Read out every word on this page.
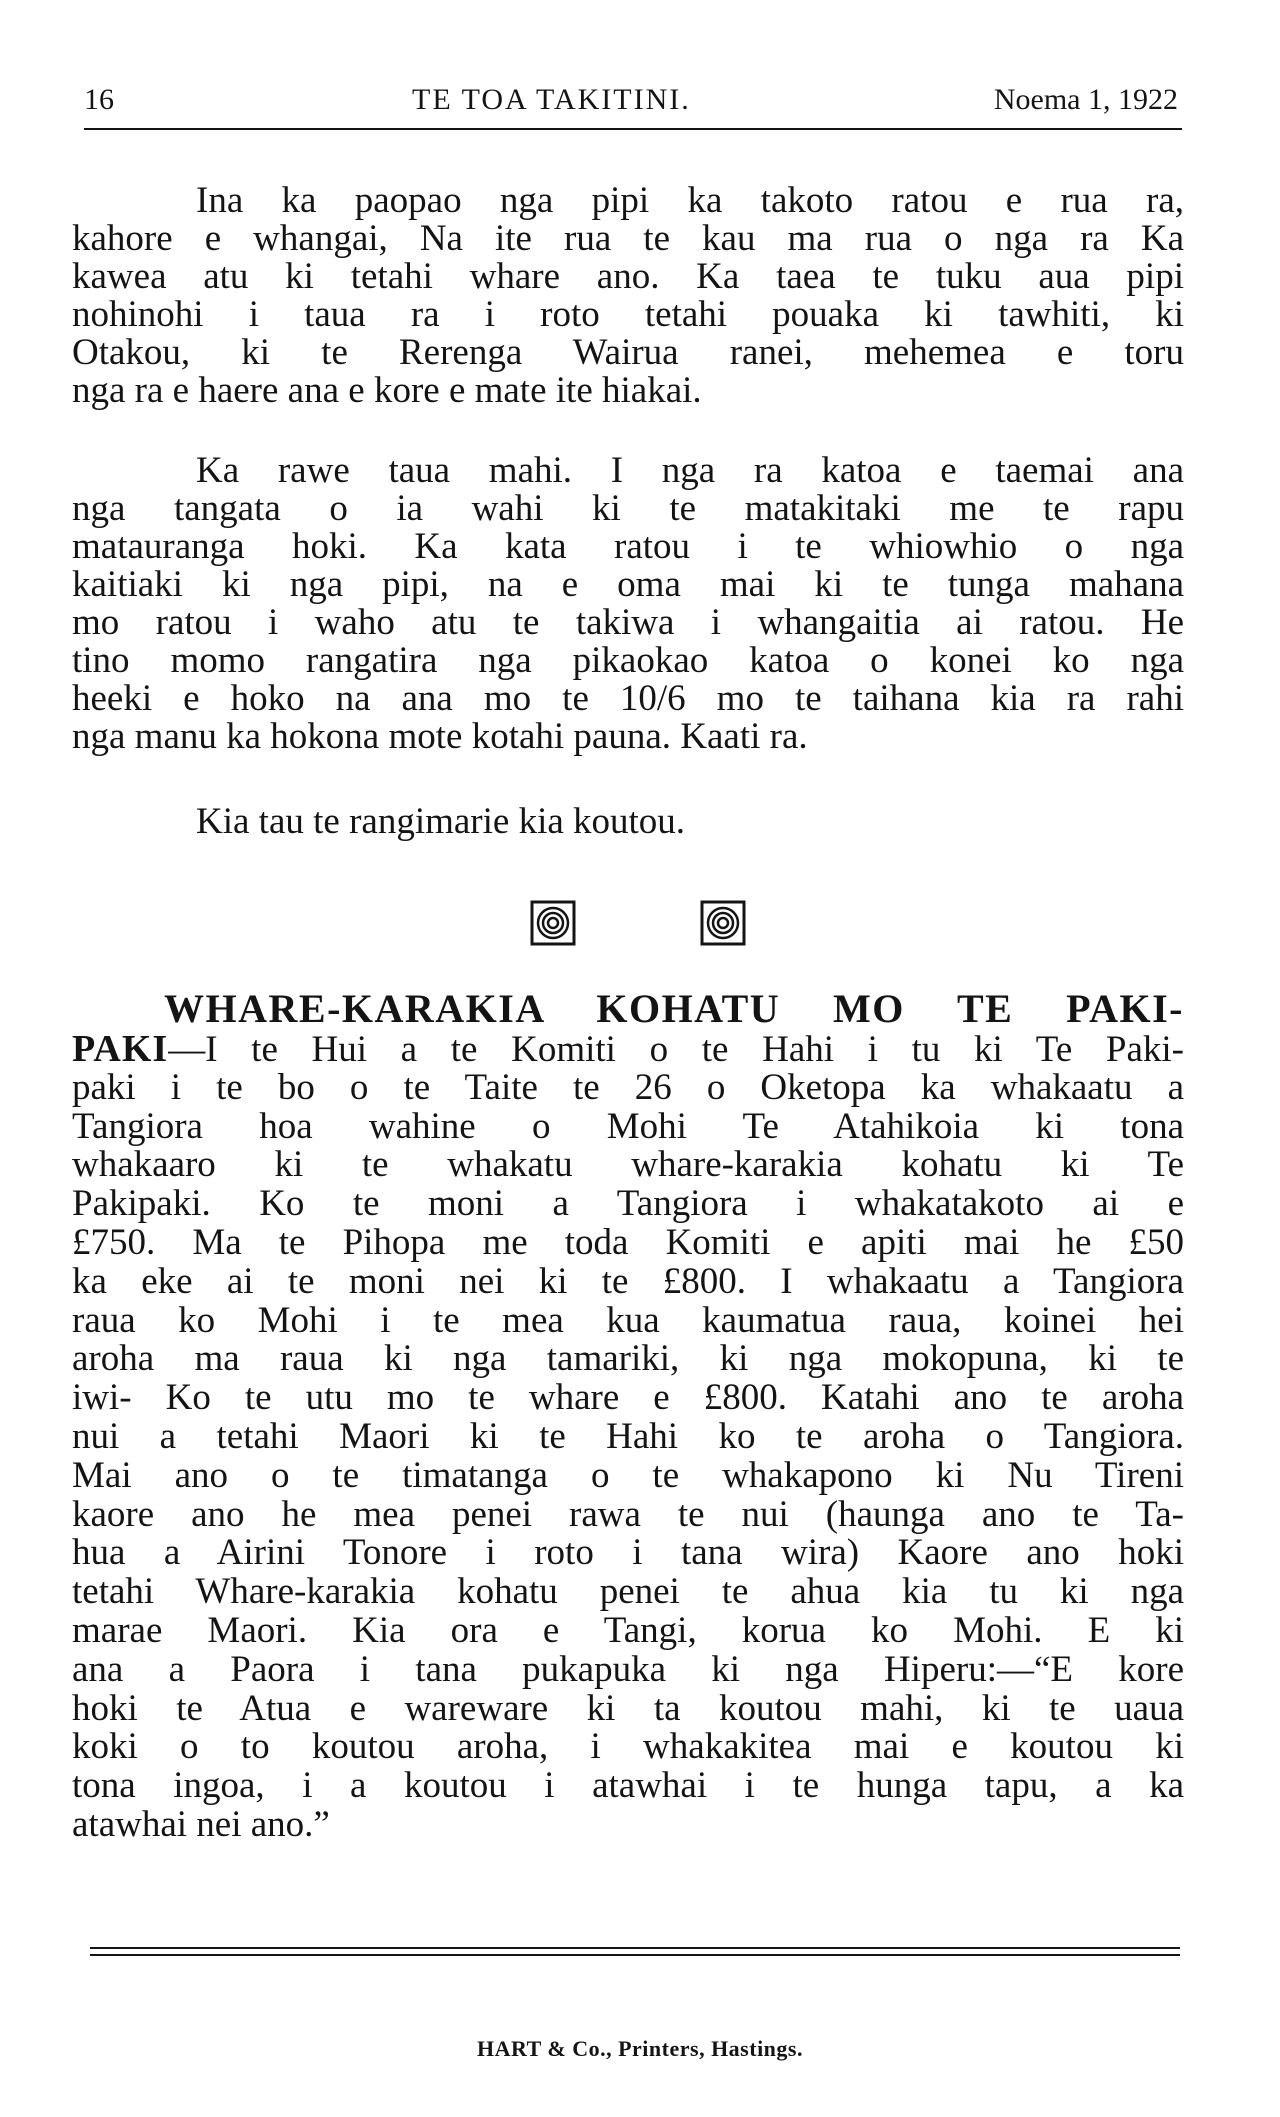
16	TE TOA TAKITINI.	Noema 1, 1922
Ina ka paopao nga pipi ka takoto ratou e rua ra,
kahore e whangai, Na ite rua te kau ma rua o nga ra Ka
kawea atu ki tetahi whare ano. Ka taea te tuku aua pipi
nohinohi i taua ra i roto tetahi pouaka ki tawhiti, ki
Otakou, ki te Rerenga Wairua ranei, mehemea e toru
nga ra e haere ana e kore e mate ite hiakai.
Ka rawe taua mahi. I nga ra katoa e taemai ana
nga tangata o ia wahi ki te matakitaki me te rapu
matauranga hoki. Ka kata ratou i te whiowhio o nga
kaitiaki ki nga pipi, na e oma mai ki te tunga mahana
mo ratou i waho atu te takiwa i whangaitia ai ratou. He
tino momo rangatira nga pikaokao katoa o konei ko nga
heeki e hoko na ana mo te 10/6 mo te taihana kia ra rahi
nga manu ka hokona mote kotahi pauna. Kaati ra.
Kia tau te rangimarie kia koutou.
WHARE-KARAKIA KOHATU MO TE PAKI-
PAKI—I te Hui a te Komiti o te Hahi i tu ki Te Paki-
paki i te bo o te Taite te 26 o Oketopa ka whakaatu a
Tangiora hoa wahine o Mohi Te Atahikoia ki tona
whakaaro ki te whakatu whare-karakia kohatu ki Te
Pakipaki. Ko te moni a Tangiora i whakatakoto ai e
£750. Ma te Pihopa me toda Komiti e apiti mai he £50
ka eke ai te moni nei ki te £800. I whakaatu a Tangiora
raua ko Mohi i te mea kua kaumatua raua, koinei hei
aroha ma raua ki nga tamariki, ki nga mokopuna, ki te
iwi- Ko te utu mo te whare e £800. Katahi ano te aroha
nui a tetahi Maori ki te Hahi ko te aroha o Tangiora.
Mai ano o te timatanga o te whakapono ki Nu Tireni
kaore ano he mea penei rawa te nui (haunga ano te Ta-
hua a Airini Tonore i roto i tana wira) Kaore ano hoki
tetahi Whare-karakia kohatu penei te ahua kia tu ki nga
marae Maori. Kia ora e Tangi, korua ko Mohi. E ki
ana a Paora i tana pukapuka ki nga Hiperu:—“E kore
hoki te Atua e wareware ki ta koutou mahi, ki te uaua
koki o to koutou aroha, i whakakitea mai e koutou ki
tona ingoa, i a koutou i atawhai i te hunga tapu, a ka
atawhai nei ano.”
HART & Co., Printers, Hastings.
